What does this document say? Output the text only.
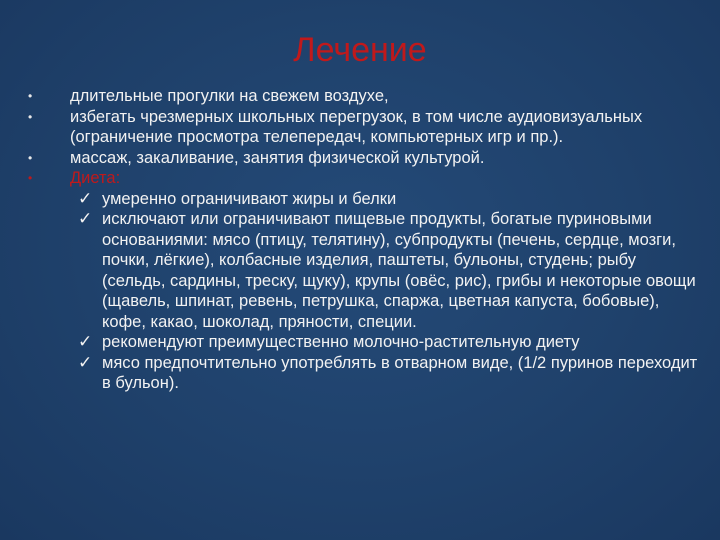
Лечение
•	длительные прогулки на свежем воздухе,
•	избегать чрезмерных школьных перегрузок, в том числе аудиовизуальных (ограничение просмотра телепередач, компьютерных игр и пр.).
•	массаж, закаливание, занятия физической культурой.
•	Диета:
✓ умеренно ограничивают жиры и белки
✓ исключают или ограничивают пищевые продукты, богатые пуриновыми основаниями: мясо (птицу, телятину), субпродукты (печень, сердце, мозги, почки, лёгкие), колбасные изделия, паштеты, бульоны, студень; рыбу (сельдь, сардины, треску, щуку), крупы (овёс, рис), грибы и некоторые овощи (щавель, шпинат, ревень, петрушка, спаржа, цветная капуста, бобовые), кофе, какао, шоколад, пряности, специи.
✓ рекомендуют преимущественно молочно-растительную диету
✓ мясо предпочтительно употреблять в отварном виде, (1/2 пуринов переходит в бульон).
